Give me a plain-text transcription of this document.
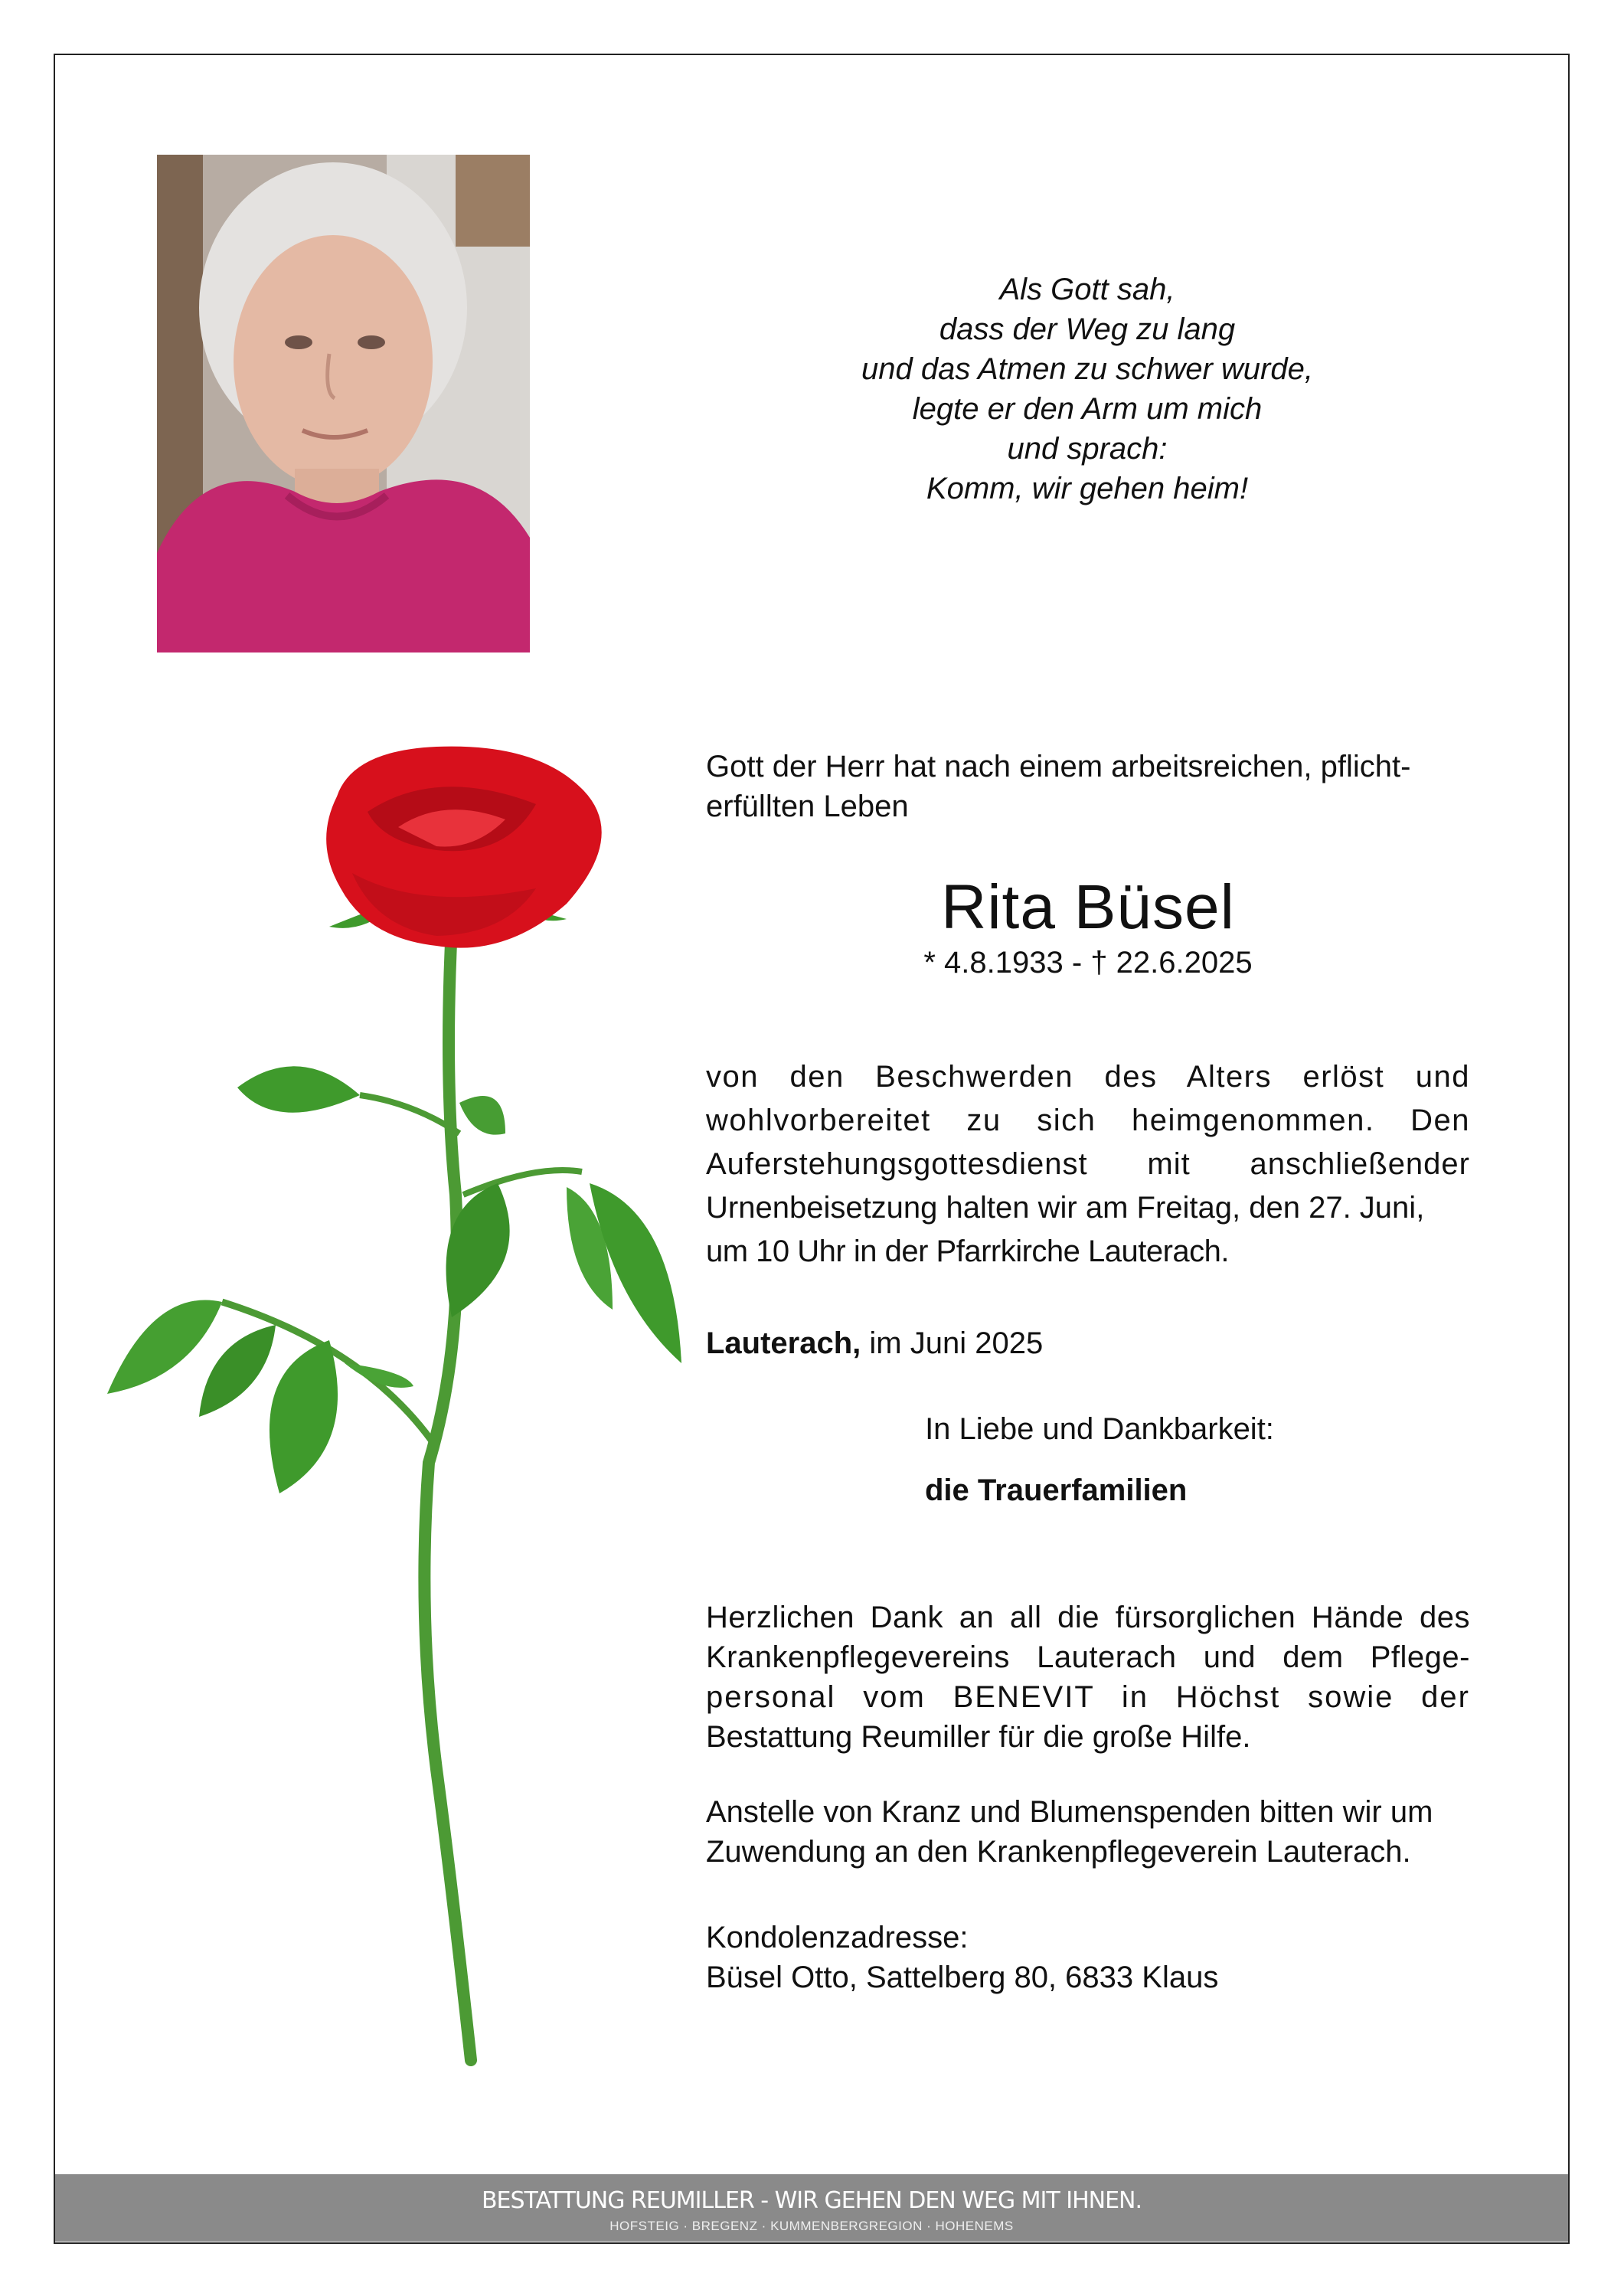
Als Gott sah,
dass der Weg zu lang
und das Atmen zu schwer wurde,
legte er den Arm um mich
und sprach:
Komm, wir gehen heim!
Gott der Herr hat nach einem arbeitsreichen, pflicht-
erfüllten Leben
Rita Büsel
* 4.8.1933 - † 22.6.2025
von den Beschwerden des Alters erlöst und
wohlvorbereitet zu sich heimgenommen. Den
Auferstehungsgottesdienst mit anschließender
Urnenbeisetzung halten wir am Freitag, den 27. Juni,
um 10 Uhr in der Pfarrkirche Lauterach.
Lauterach, im Juni 2025
In Liebe und Dankbarkeit:
die Trauerfamilien
Herzlichen Dank an all die fürsorglichen Hände des
Krankenpflegevereins Lauterach und dem Pflege-
personal vom BENEVIT in Höchst sowie der
Bestattung Reumiller für die große Hilfe.
Anstelle von Kranz und Blumenspenden bitten wir um
Zuwendung an den Krankenpflegeverein Lauterach.
Kondolenzadresse:
Büsel Otto, Sattelberg 80, 6833 Klaus
BESTATTUNG REUMILLER - WIR GEHEN DEN WEG MIT IHNEN.
HOFSTEIG · BREGENZ · KUMMENBERGREGION · HOHENEMS
